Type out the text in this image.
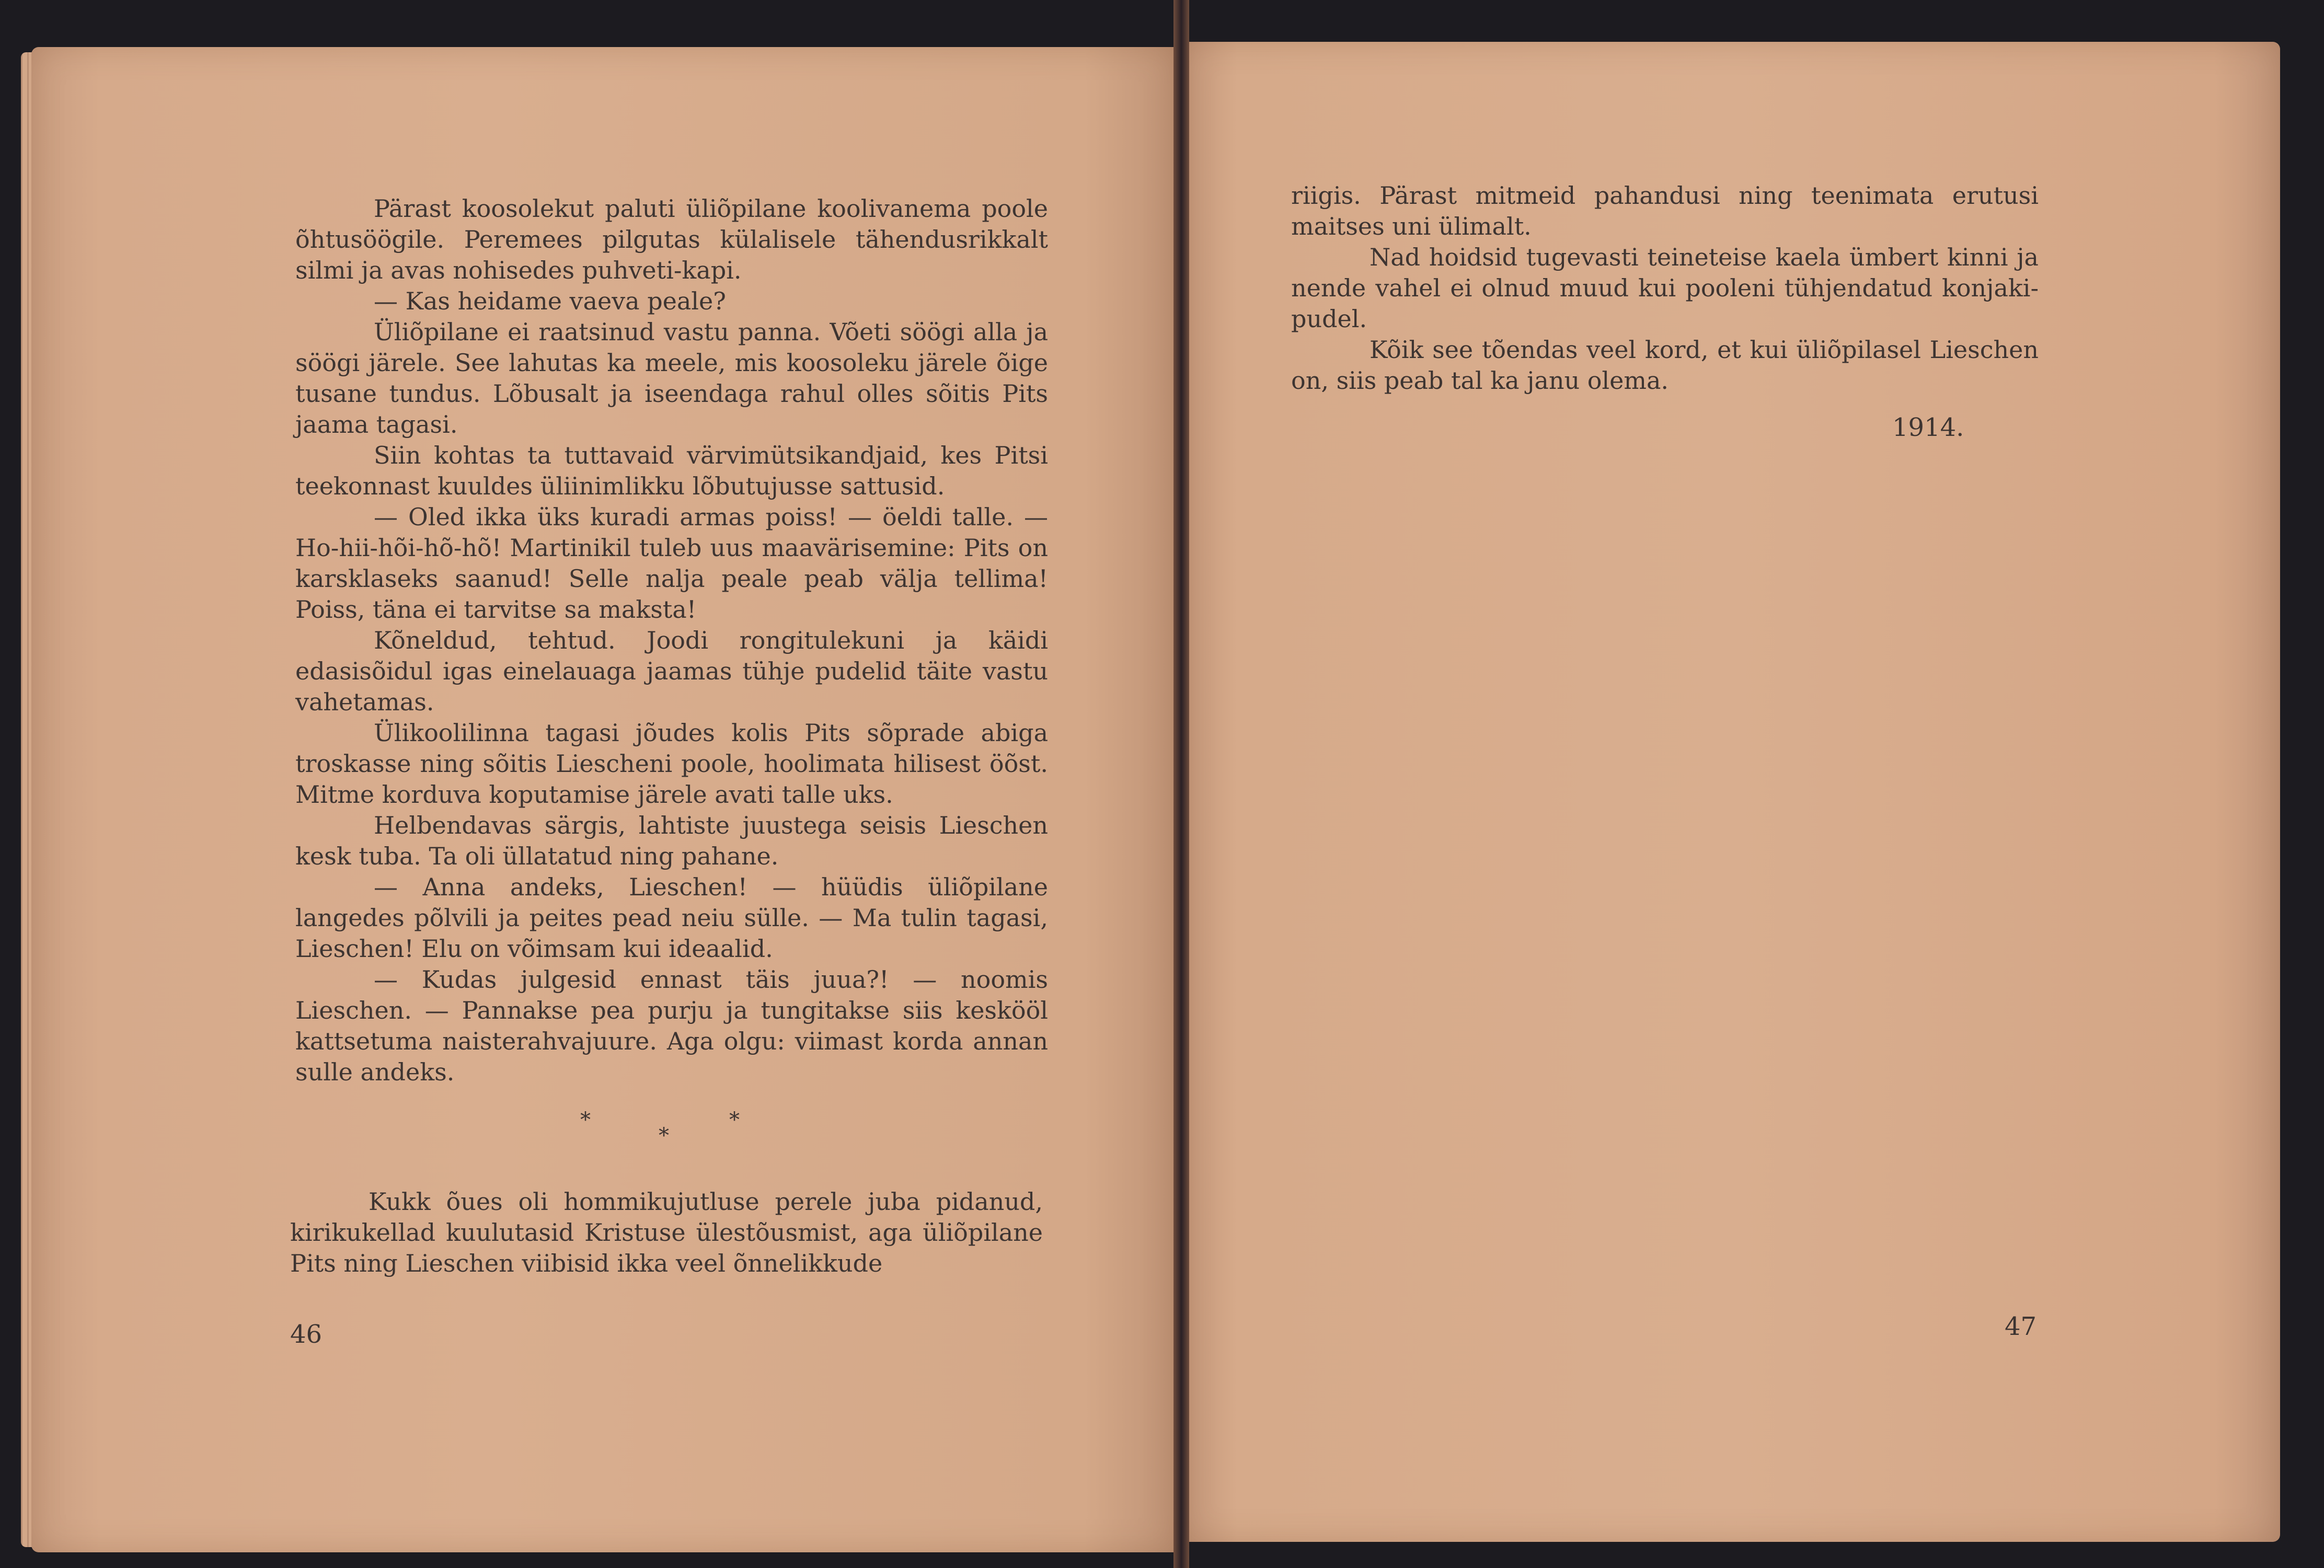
Pärast koosolekut paluti üliõpilane koolivanema poole õhtusöögile. Peremees pilgutas külalisele tähendusrikkalt silmi ja avas nohisedes puhveti-kapi.

— Kas heidame vaeva peale?

Üliõpilane ei raatsinud vastu panna. Võeti söögi alla ja söögi järele. See lahutas ka meele, mis koosoleku järele õige tusane tundus. Lõbusalt ja iseendaga rahul olles sõitis Pits jaama tagasi.

Siin kohtas ta tuttavaid värvimütsikandjaid, kes Pitsi teekonnast kuuldes üliinimlikku lõbutujusse sattusid.

— Oled ikka üks kuradi armas poiss! — öeldi talle. — Ho-hii-hõi-hõ-hõ! Martinikil tuleb uus maavärisemine: Pits on karsklaseks saanud! Selle nalja peale peab välja tellima! Poiss, täna ei tarvitse sa maksta!

Kõneldud, tehtud. Joodi rongitulekuni ja käidi edasisõidul igas einelauaga jaamas tühje pudelid täite vastu vahetamas.

Ülikoolilinna tagasi jõudes kolis Pits sõprade abiga troskasse ning sõitis Liescheni poole, hoolimata hilisest öõst. Mitme korduva koputamise järele avati talle uks.

Helbendavas särgis, lahtiste juustega seisis Lieschen kesk tuba. Ta oli üllatatud ning pahane.

— Anna andeks, Lieschen! — hüüdis üliõpilane langedes põlvili ja peites pead neiu sülle. — Ma tulin tagasi, Lieschen! Elu on võimsam kui ideaalid.

— Kudas julgesid ennast täis juua?! — noomis Lieschen. — Pannakse pea purju ja tungitakse siis keskööl kattsetuma naisterahvajuure. Aga olgu: viimast korda annan sulle andeks.

*
*
*

Kukk õues oli hommikujutluse perele juba pidanud, kirikukellad kuulutasid Kristuse ülestõusmist, aga üliõpilane Pits ning Lieschen viibisid ikka veel õnnelikkude

46

riigis. Pärast mitmeid pahandusi ning teenimata erutusi maitses uni ülimalt.

Nad hoidsid tugevasti teineteise kaela ümbert kinni ja nende vahel ei olnud muud kui pooleni tühjendatud konjaki-pudel.

Kõik see tõendas veel kord, et kui üliõpilasel Lieschen on, siis peab tal ka janu olema.

1914.
47
